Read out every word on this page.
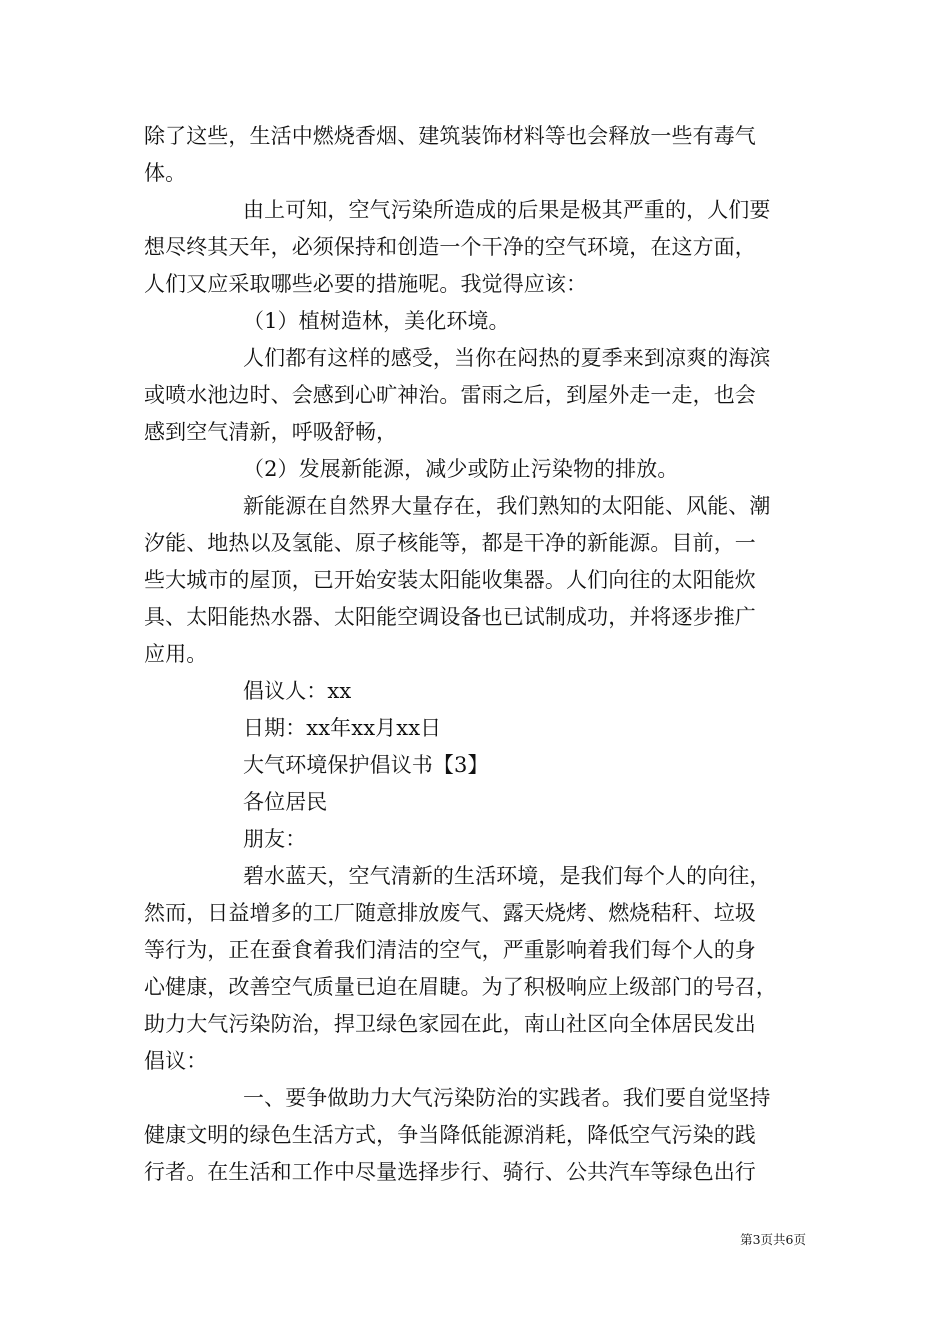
除了这些，生活中燃烧香烟、建筑装饰材料等也会释放一些有毒气
体。
由上可知，空气污染所造成的后果是极其严重的，人们要
想尽终其天年，必须保持和创造一个干净的空气环境，在这方面，
人们又应采取哪些必要的措施呢。我觉得应该：
（1）植树造林，美化环境。
人们都有这样的感受，当你在闷热的夏季来到凉爽的海滨
或喷水池边时、会感到心旷神治。雷雨之后，到屋外走一走，也会
感到空气清新，呼吸舒畅，
（2）发展新能源，减少或防止污染物的排放。
新能源在自然界大量存在，我们熟知的太阳能、风能、潮
汐能、地热以及氢能、原子核能等，都是干净的新能源。目前，一
些大城市的屋顶，已开始安装太阳能收集器。人们向往的太阳能炊
具、太阳能热水器、太阳能空调设备也已试制成功，并将逐步推广
应用。
倡议人：xx
日期：xx年xx月xx日
大气环境保护倡议书【3】
各位居民
朋友：
碧水蓝天，空气清新的生活环境，是我们每个人的向往，
然而，日益增多的工厂随意排放废气、露天烧烤、燃烧秸秆、垃圾
等行为，正在蚕食着我们清洁的空气，严重影响着我们每个人的身
心健康，改善空气质量已迫在眉睫。为了积极响应上级部门的号召，
助力大气污染防治，捍卫绿色家园在此，南山社区向全体居民发出
倡议：
一、要争做助力大气污染防治的实践者。我们要自觉坚持
健康文明的绿色生活方式，争当降低能源消耗，降低空气污染的践
行者。在生活和工作中尽量选择步行、骑行、公共汽车等绿色出行
第3页共6页
